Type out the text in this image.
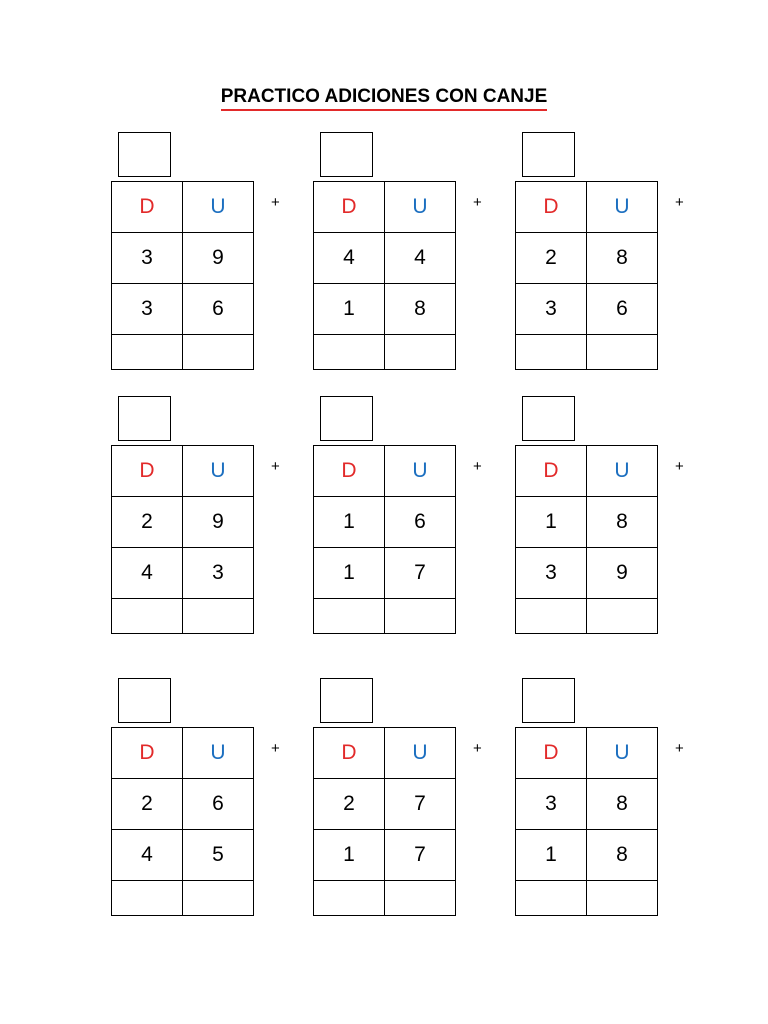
PRACTICO ADICIONES CON CANJE
D	U
3	9
3	6

+	D	U
4	4
1	8

+	D	U
2	8
3	6

+
D	U
2	9
4	3

+	D	U
1	6
1	7

+	D	U
1	8
3	9

+
D	U
2	6
4	5

+	D	U
2	7
1	7

+	D	U
3	8
1	8

+
